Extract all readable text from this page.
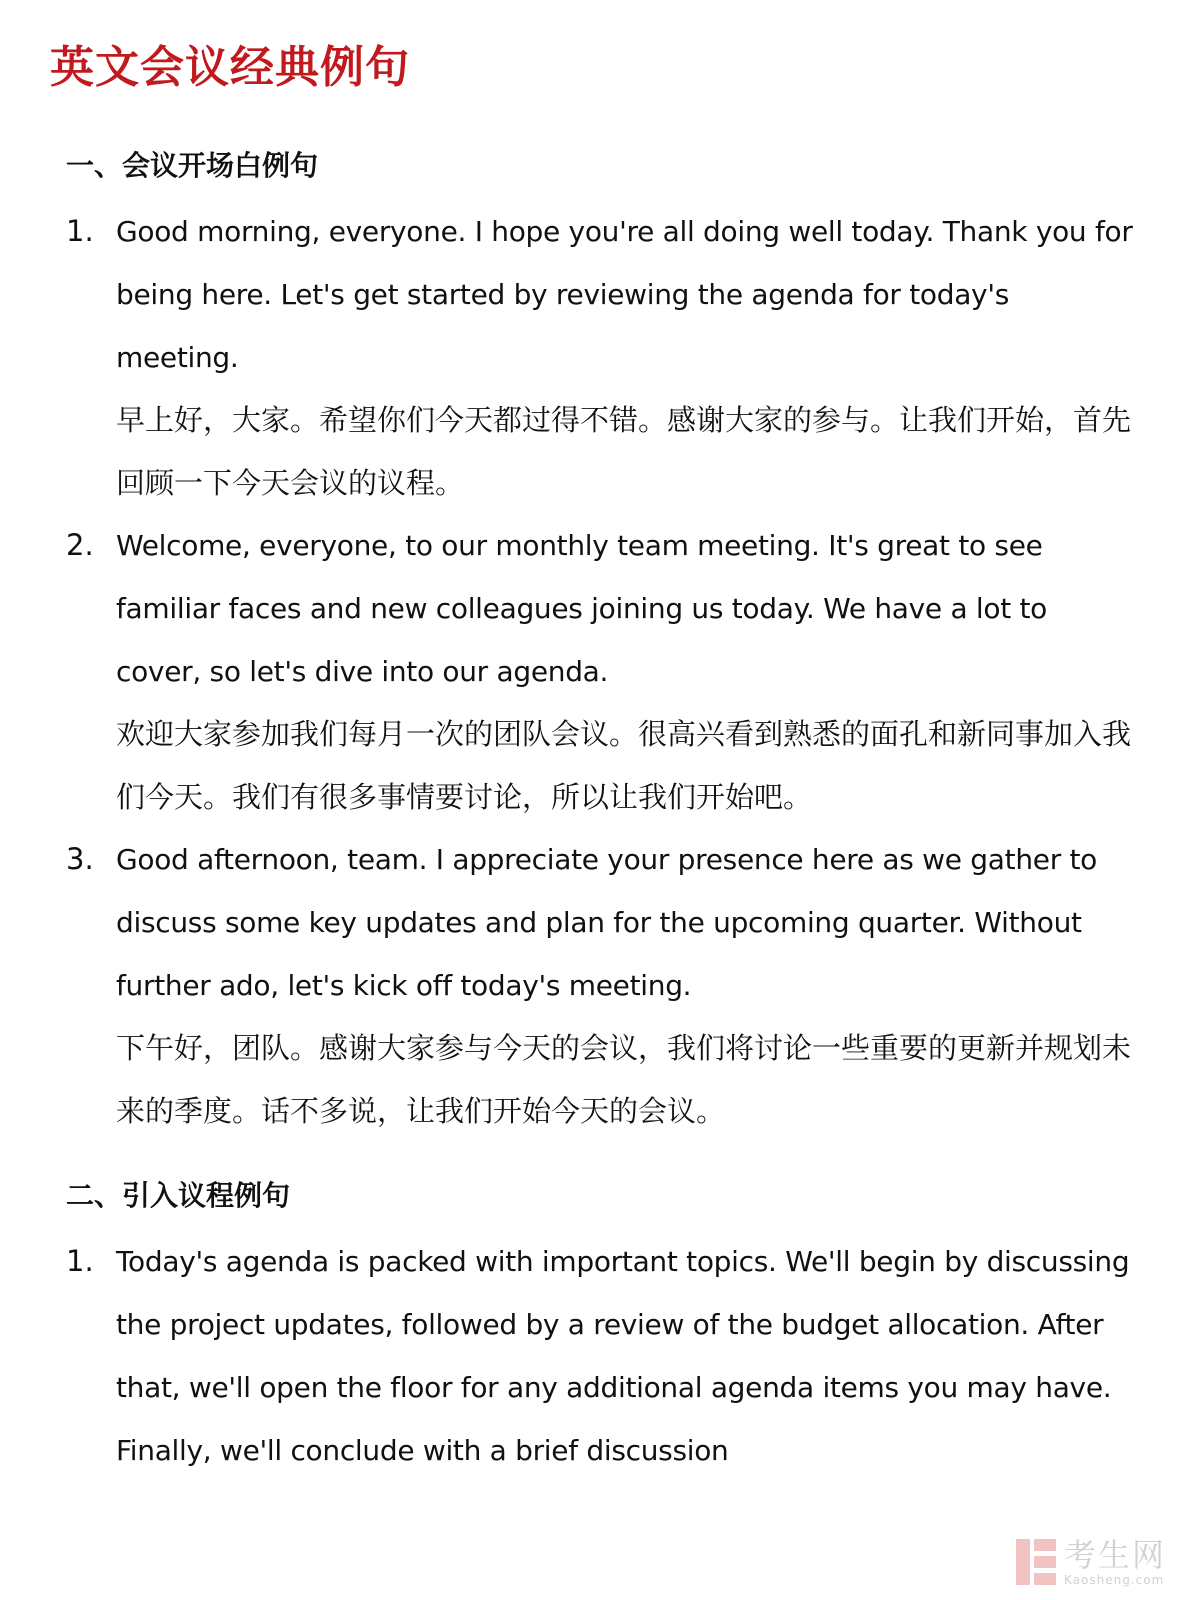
英文会议经典例句
一、会议开场白例句
1. Good morning, everyone. I hope you're all doing well today. Thank you for being here. Let's get started by reviewing the agenda for today's meeting.
早上好，大家。希望你们今天都过得不错。感谢大家的参与。让我们开始，首先回顾一下今天会议的议程。
2. Welcome, everyone, to our monthly team meeting. It's great to see familiar faces and new colleagues joining us today. We have a lot to cover, so let's dive into our agenda.
欢迎大家参加我们每月一次的团队会议。很高兴看到熟悉的面孔和新同事加入我们今天。我们有很多事情要讨论，所以让我们开始吧。
3. Good afternoon, team. I appreciate your presence here as we gather to discuss some key updates and plan for the upcoming quarter. Without further ado, let's kick off today's meeting.
下午好，团队。感谢大家参与今天的会议，我们将讨论一些重要的更新并规划未来的季度。话不多说，让我们开始今天的会议。
二、引入议程例句
1. Today's agenda is packed with important topics. We'll begin by discussing the project updates, followed by a review of the budget allocation. After that, we'll open the floor for any additional agenda items you may have. Finally, we'll conclude with a brief discussion
考生网
Kaosheng.com
